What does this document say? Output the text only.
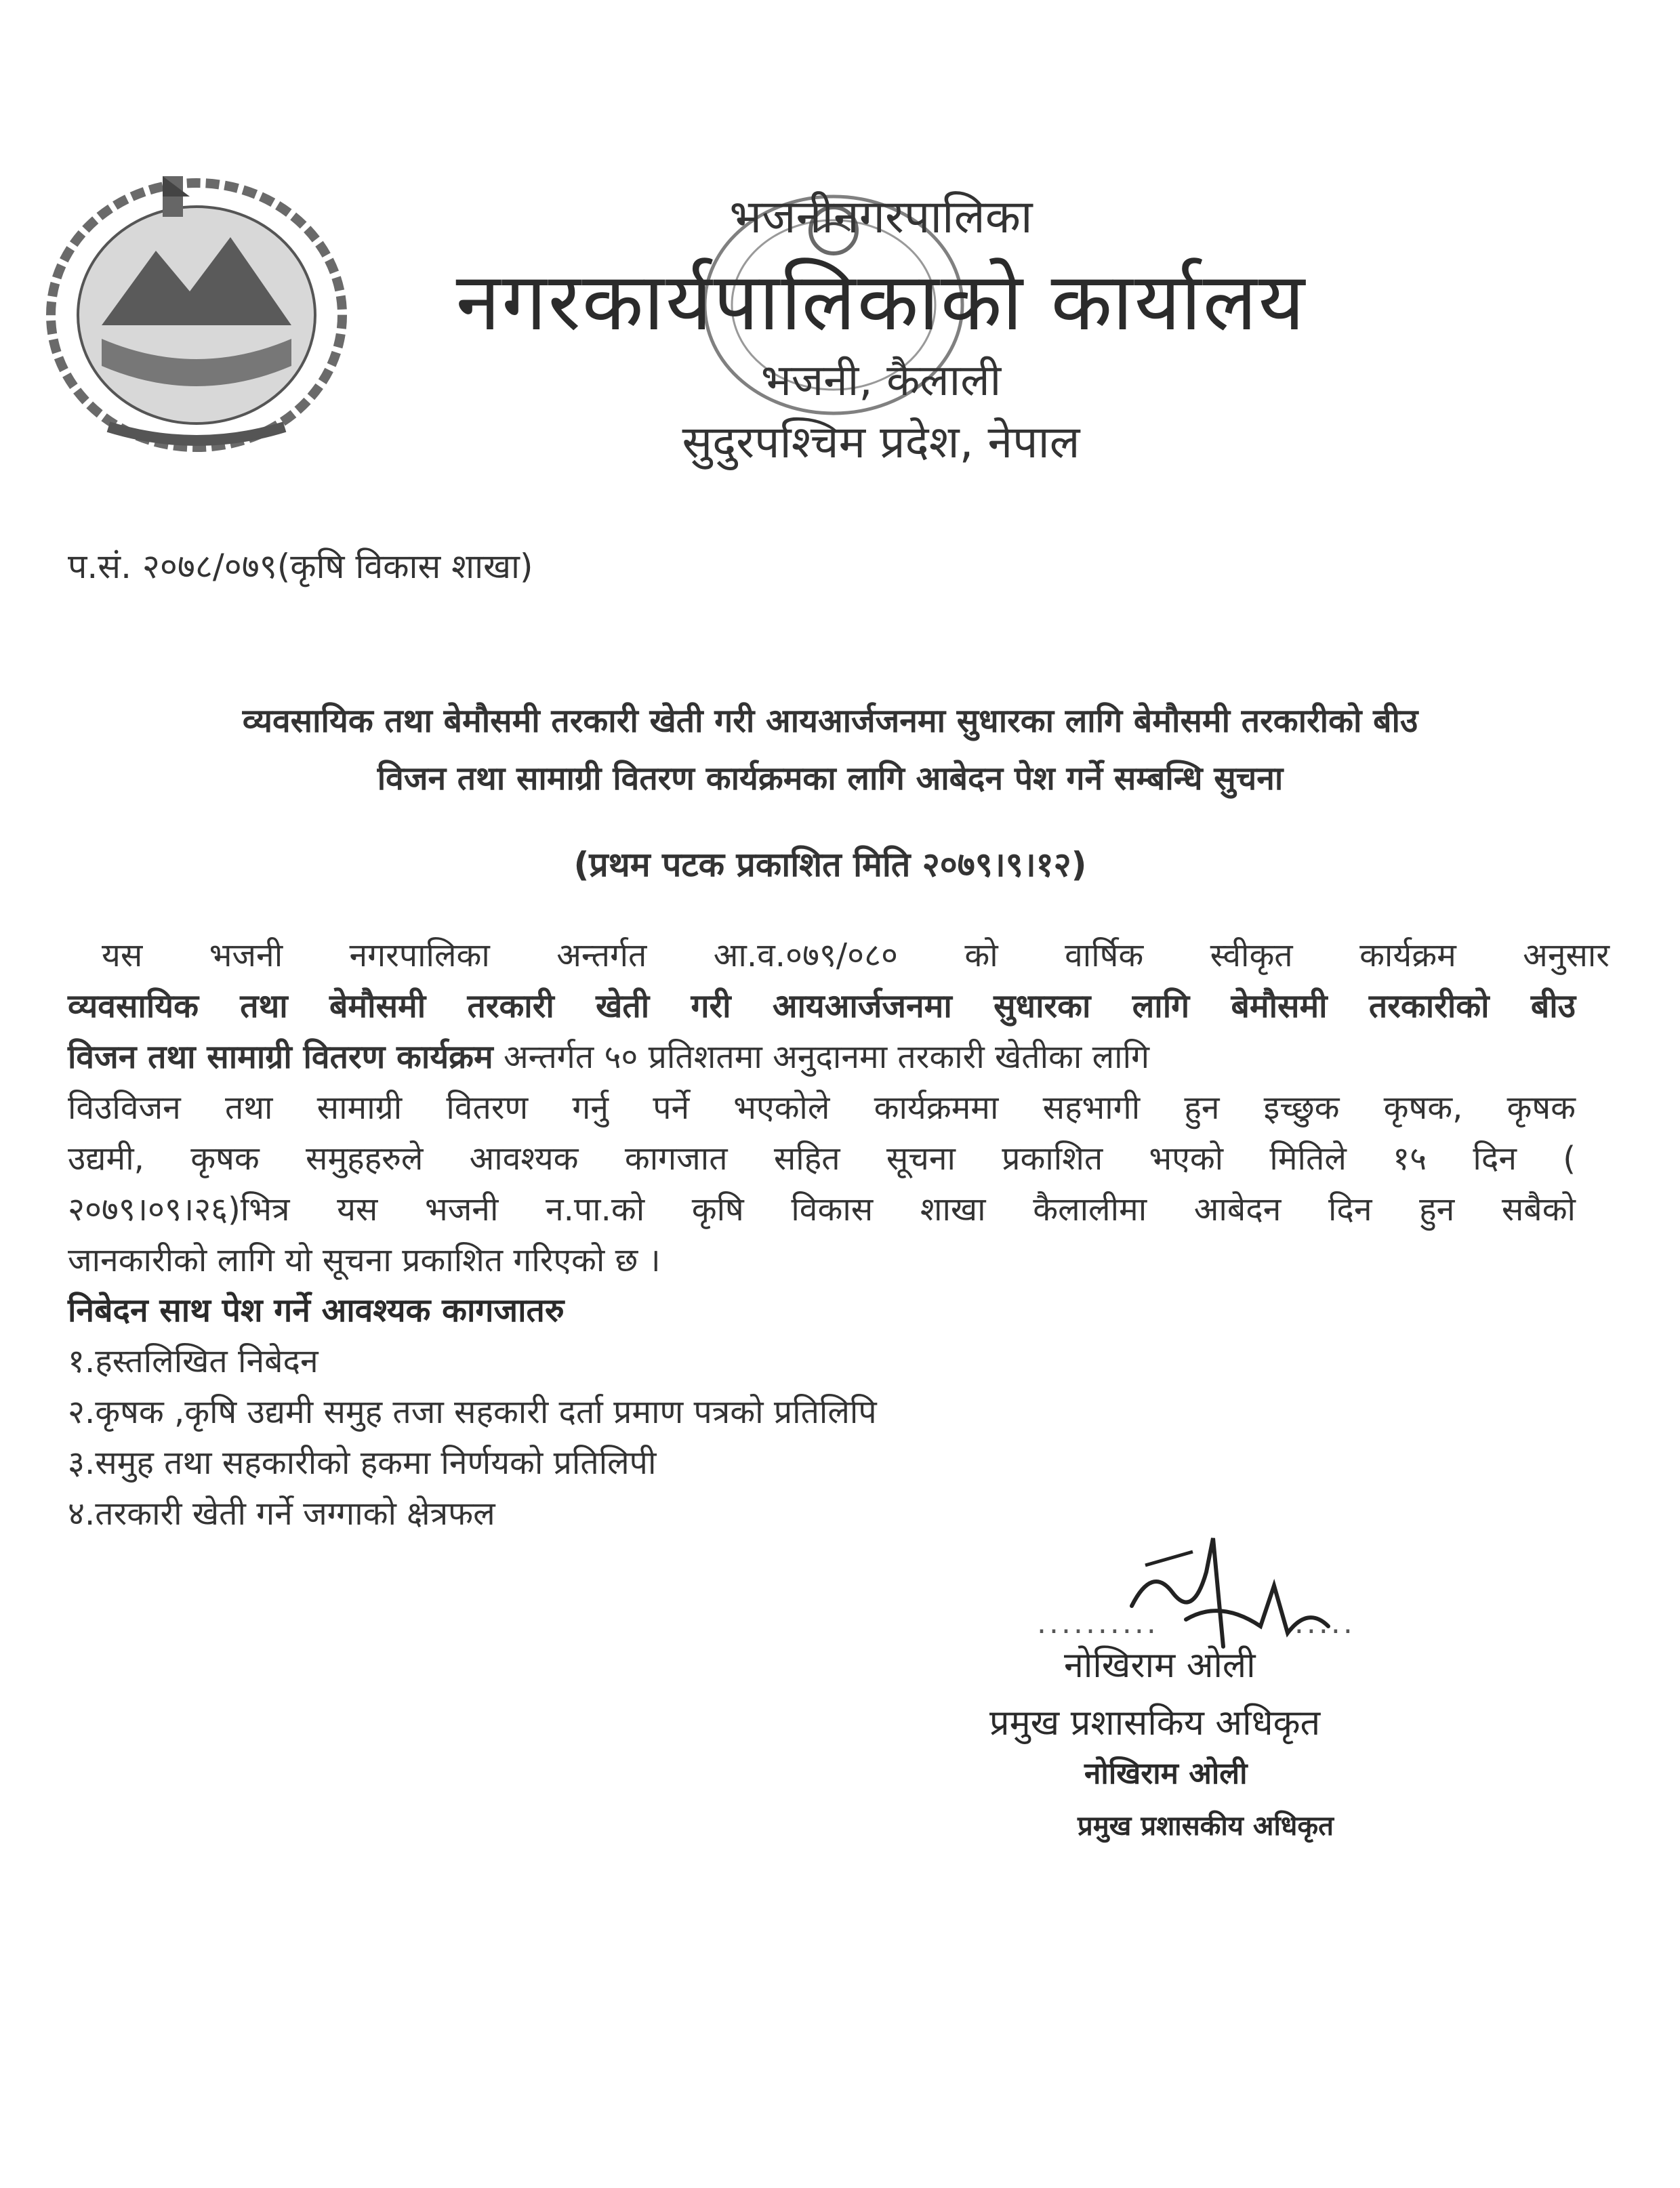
भजनीनगरपालिका
नगरकार्यपालिकाको कार्यालय
भजनी, कैलाली
सुदुरपश्चिम प्रदेश, नेपाल
प.सं. २०७८/०७९(कृषि विकास शाखा)
व्यवसायिक तथा बेमौसमी तरकारी खेती गरी आयआर्जजनमा सुधारका लागि बेमौसमी तरकारीको बीउ
विजन तथा सामाग्री वितरण कार्यक्रमका लागि आबेदन पेश गर्ने सम्बन्धि सुचना
(प्रथम पटक प्रकाशित मिति २०७९।९।१२)
यस भजनी नगरपालिका अन्तर्गत आ.व.०७९/०८० को वार्षिक स्वीकृत कार्यक्रम अनुसार
व्यवसायिक तथा बेमौसमी तरकारी खेती गरी आयआर्जजनमा सुधारका लागि बेमौसमी तरकारीको बीउ
विजन तथा सामाग्री वितरण कार्यक्रम अन्तर्गत ५० प्रतिशतमा अनुदानमा तरकारी खेतीका लागि
विउविजन तथा सामाग्री वितरण गर्नु पर्ने भएकोले कार्यक्रममा सहभागी हुन इच्छुक कृषक, कृषक
उद्यमी, कृषक समुहहरुले आवश्यक कागजात सहित सूचना प्रकाशित भएको मितिले १५ दिन (
२०७९।०९।२६)भित्र यस भजनी न.पा.को कृषि विकास शाखा कैलालीमा आबेदन दिन हुन सबैको
जानकारीको लागि यो सूचना प्रकाशित गरिएको छ ।
निबेदन साथ पेश गर्ने आवश्यक कागजातरु
१.हस्तलिखित निबेदन
२.कृषक ,कृषि उद्यमी समुह तजा सहकारी दर्ता प्रमाण पत्रको प्रतिलिपि
३.समुह तथा सहकारीको हकमा निर्णयको प्रतिलिपी
४.तरकारी खेती गर्ने जग्गाको क्षेत्रफल
..........	.....
नोखिराम ओली
प्रमुख प्रशासकिय अधिकृत
नोखिराम ओली
प्रमुख प्रशासकीय अधिकृत
